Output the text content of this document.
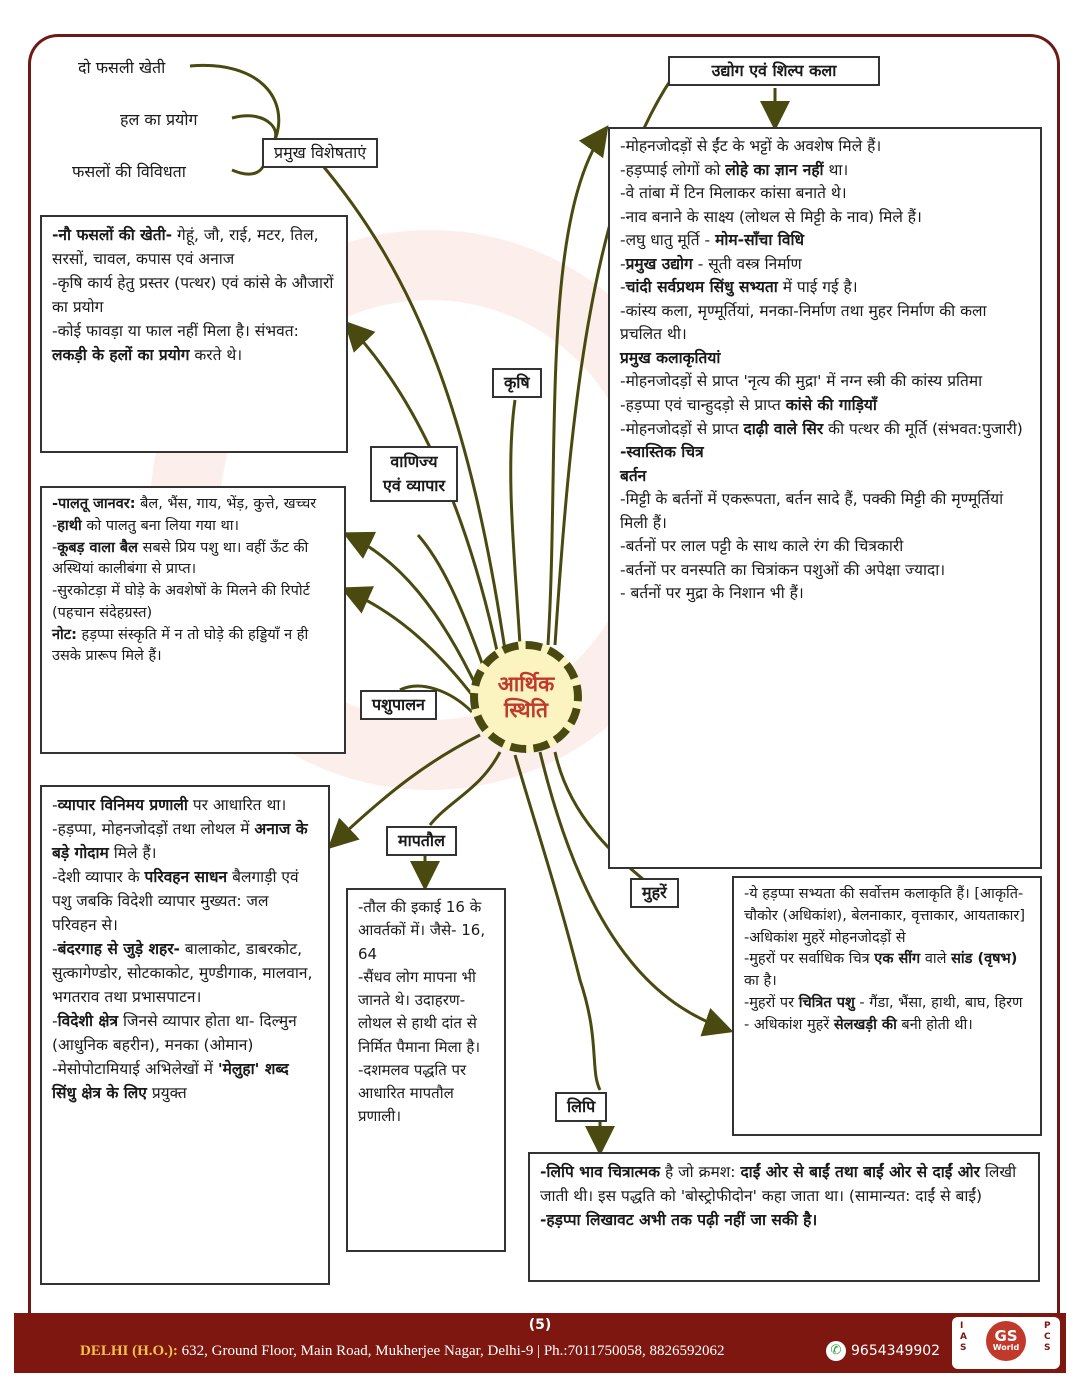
दो फसली खेती
हल का प्रयोग
फसलों की विविधता
प्रमुख विशेषताएं

-नौ फसलों की खेती- गेहूं, जौ, राई, मटर, तिल, सरसों, चावल, कपास एवं अनाज

-कृषि कार्य हेतु प्रस्तर (पत्थर) एवं कांसे के औजारों का प्रयोग

-कोई फावड़ा या फाल नहीं मिला है। संभवत: लकड़ी के हलों का प्रयोग करते थे।

कृषि
वाणिज्य एवं व्यापार

-पालतू जानवर: बैल, भैंस, गाय, भेंड़, कुत्ते, खच्चर

-हाथी को पालतु बना लिया गया था।

-कूबड़ वाला बैल सबसे प्रिय पशु था। वहीं ऊँट की अस्थियां कालीबंगा से प्राप्त।

-सुरकोटड़ा में घोड़े के अवशेषों के मिलने की रिपोर्ट (पहचान संदेहग्रस्त)

नोट: हड़प्पा संस्कृति में न तो घोड़े की हड्डियाँ न ही उसके प्रारूप मिले हैं।

पशुपालन
आर्थिक
स्थिति

-व्यापार विनिमय प्रणाली पर आधारित था।

-हड़प्पा, मोहनजोदड़ों तथा लोथल में अनाज के बड़े गोदाम मिले हैं।

-देशी व्यापार के परिवहन साधन बैलगाड़ी एवं पशु जबकि विदेशी व्यापार मुख्यत: जल परिवहन से।

-बंदरगाह से जुड़े शहर- बालाकोट, डाबरकोट, सुत्कागेण्डोर, सोटकाकोट, मुण्डीगाक, मालवान, भगतराव तथा प्रभासपाटन।

-विदेशी क्षेत्र जिनसे व्यापार होता था- दिल्मुन (आधुनिक बहरीन), मनका (ओमान)

-मेसोपोटामियाई अभिलेखों में 'मेलुहा' शब्द सिंधु क्षेत्र के लिए प्रयुक्त

मापतौल

-तौल की इकाई 16 के आवर्तकों में। जैसे- 16, 64

-सैंधव लोग मापना भी जानते थे। उदाहरण- लोथल से हाथी दांत से निर्मित पैमाना मिला है।

-दशमलव पद्धति पर आधारित मापतौल प्रणाली।

उद्योग एवं शिल्प कला

-मोहनजोदड़ों से ईंट के भट्टों के अवशेष मिले हैं।

-हड़प्पाई लोगों को लोहे का ज्ञान नहीं था।

-वे तांबा में टिन मिलाकर कांसा बनाते थे।

-नाव बनाने के साक्ष्य (लोथल से मिट्टी के नाव) मिले हैं।

-लघु धातु मूर्ति - मोम-साँचा विधि

-प्रमुख उद्योग - सूती वस्त्र निर्माण

-चांदी सर्वप्रथम सिंधु सभ्यता में पाई गई है।

-कांस्य कला, मृण्मूर्तियां, मनका-निर्माण तथा मुहर निर्माण की कला प्रचलित थी।

प्रमुख कलाकृतियां

-मोहनजोदड़ों से प्राप्त 'नृत्य की मुद्रा' में नग्न स्त्री की कांस्य प्रतिमा

-हड़प्पा एवं चान्हुदड़ो से प्राप्त कांसे की गाड़ियाँ

-मोहनजोदड़ों से प्राप्त दाढ़ी वाले सिर की पत्थर की मूर्ति (संभवत:पुजारी)

-स्वास्तिक चित्र

बर्तन

-मिट्टी के बर्तनों में एकरूपता, बर्तन सादे हैं, पक्की मिट्टी की मृण्मूर्तियां मिली हैं।

-बर्तनों पर लाल पट्टी के साथ काले रंग की चित्रकारी

-बर्तनों पर वनस्पति का चित्रांकन पशुओं की अपेक्षा ज्यादा।

- बर्तनों पर मुद्रा के निशान भी हैं।

मुहरें	-ये हड़प्पा सभ्यता की सर्वोत्तम कलाकृति हैं। [आकृति- चौकोर (अधिकांश), बेलनाकार, वृत्ताकार, आयताकार]

-अधिकांश मुहरें मोहनजोदड़ों से

-मुहरों पर सर्वाधिक चित्र एक सींग वाले सांड (वृषभ) का है।

-मुहरों पर चित्रित पशु - गैंडा, भैंसा, हाथी, बाघ, हिरण

- अधिकांश मुहरें सेलखड़ी की बनी होती थी।

लिपि

-लिपि भाव चित्रात्मक है जो क्रमश: दाईं ओर से बाईं तथा बाईं ओर से दाईं ओर लिखी जाती थी। इस पद्धति को 'बोस्ट्रोफीदोन' कहा जाता था। (सामान्यत: दाईं से बाईं)

-हड़प्पा लिखावट अभी तक पढ़ी नहीं जा सकी है।

(5)
DELHI (H.O.): 632, Ground Floor, Main Road, Mukherjee Nagar, Delhi-9 | Ph.:7011750058, 8826592062	✆ 9654349902
I
A
S
GS
World
P
C
S
